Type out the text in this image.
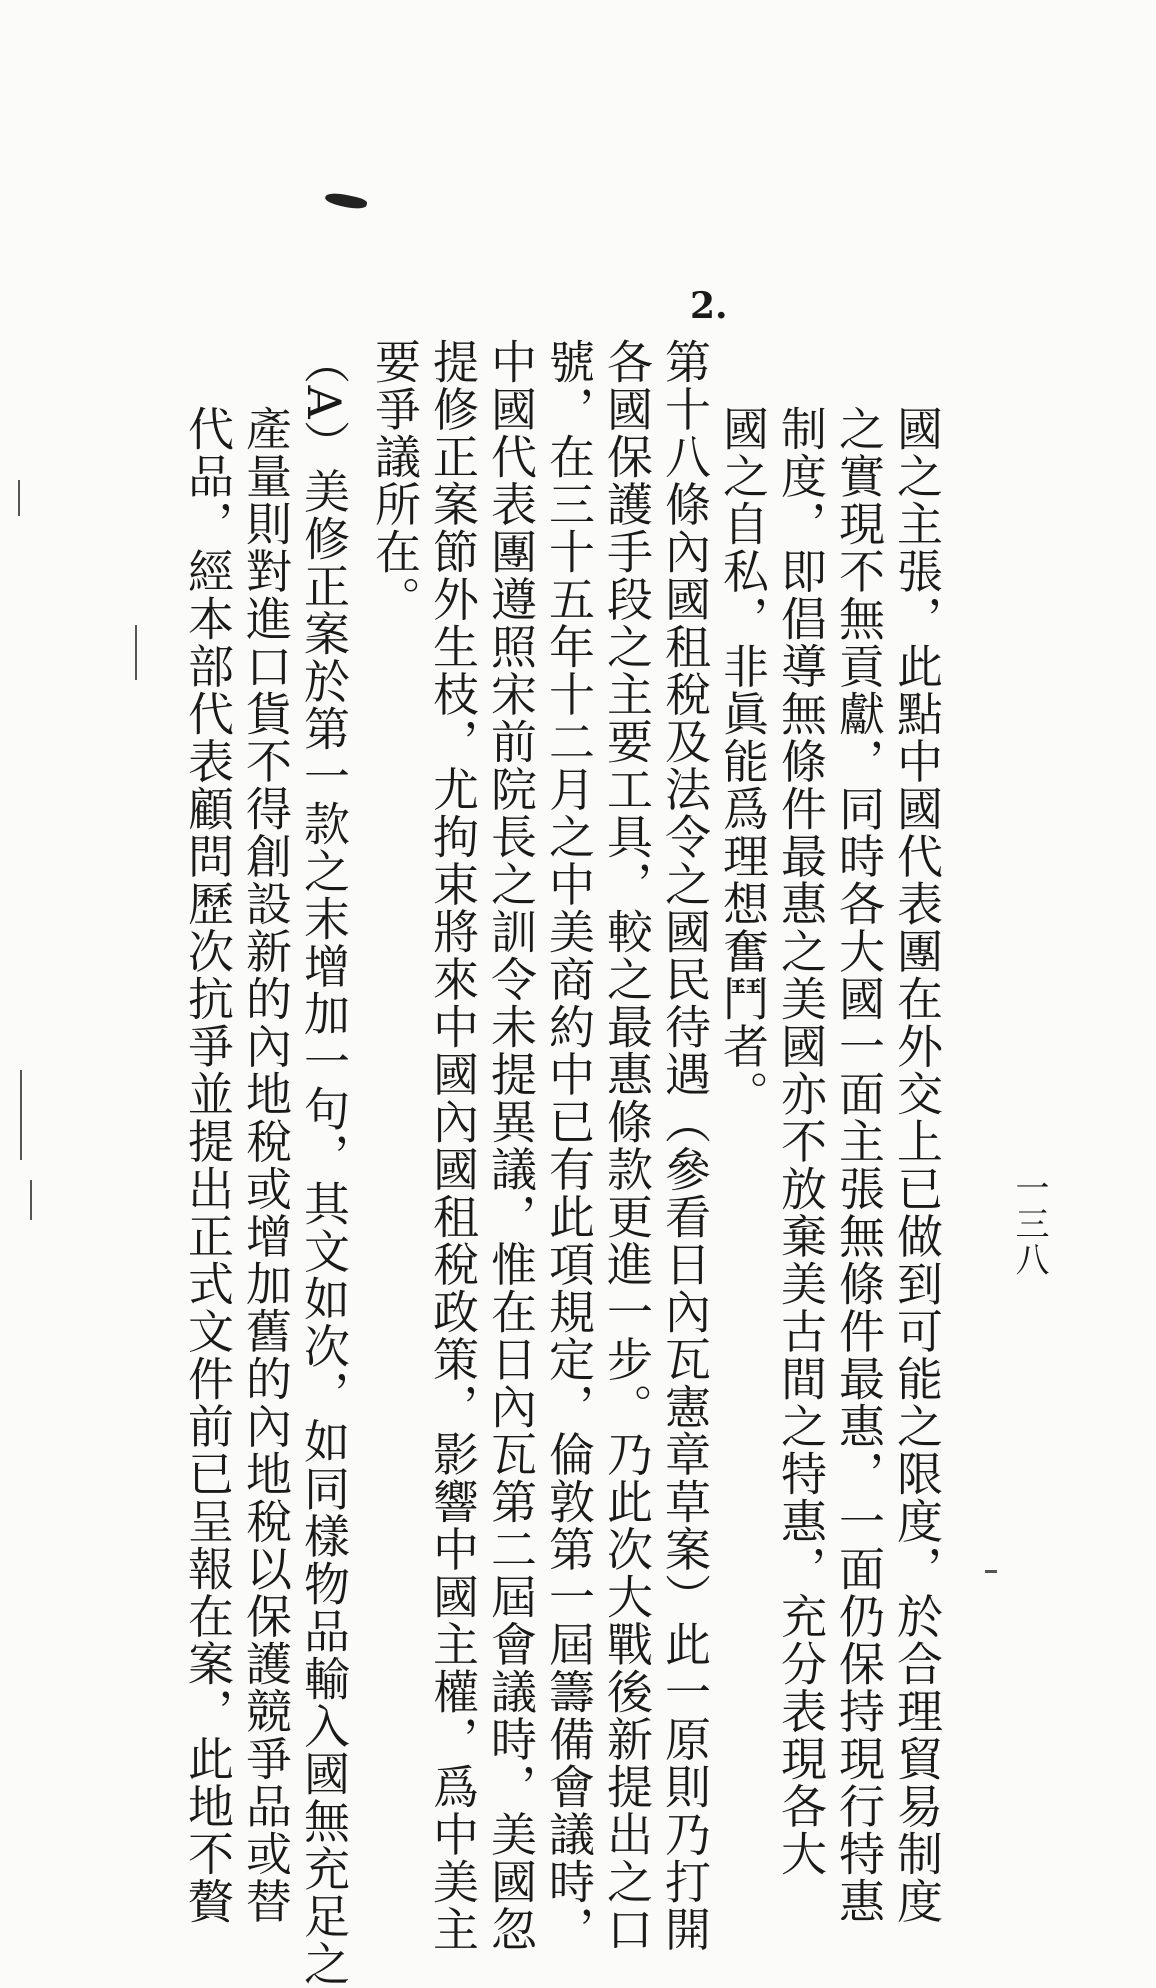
一三八
2.
國之主張，此點中國代表團在外交上已做到可能之限度，於合理貿易制度
之實現不無貢獻，同時各大國一面主張無條件最惠，一面仍保持現行特惠
制度，即倡導無條件最惠之美國亦不放棄美古間之特惠，充分表現各大
國之自私，非眞能爲理想奮鬥者。
第十八條內國租稅及法令之國民待遇（參看日內瓦憲章草案）此一原則乃打開
各國保護手段之主要工具，較之最惠條款更進一步。乃此次大戰後新提出之口
號，在三十五年十二月之中美商約中已有此項規定，倫敦第一屆籌備會議時，
中國代表團遵照宋前院長之訓令未提異議，惟在日內瓦第二屆會議時，美國忽
提修正案節外生枝，尤拘束將來中國內國租稅政策，影響中國主權，爲中美主
要爭議所在。
（A）美修正案於第一款之末增加一句，其文如次，如同樣物品輸入國無充足之
產量則對進口貨不得創設新的內地稅或增加舊的內地稅以保護競爭品或替
代品，經本部代表顧問歷次抗爭並提出正式文件前已呈報在案，此地不贅
